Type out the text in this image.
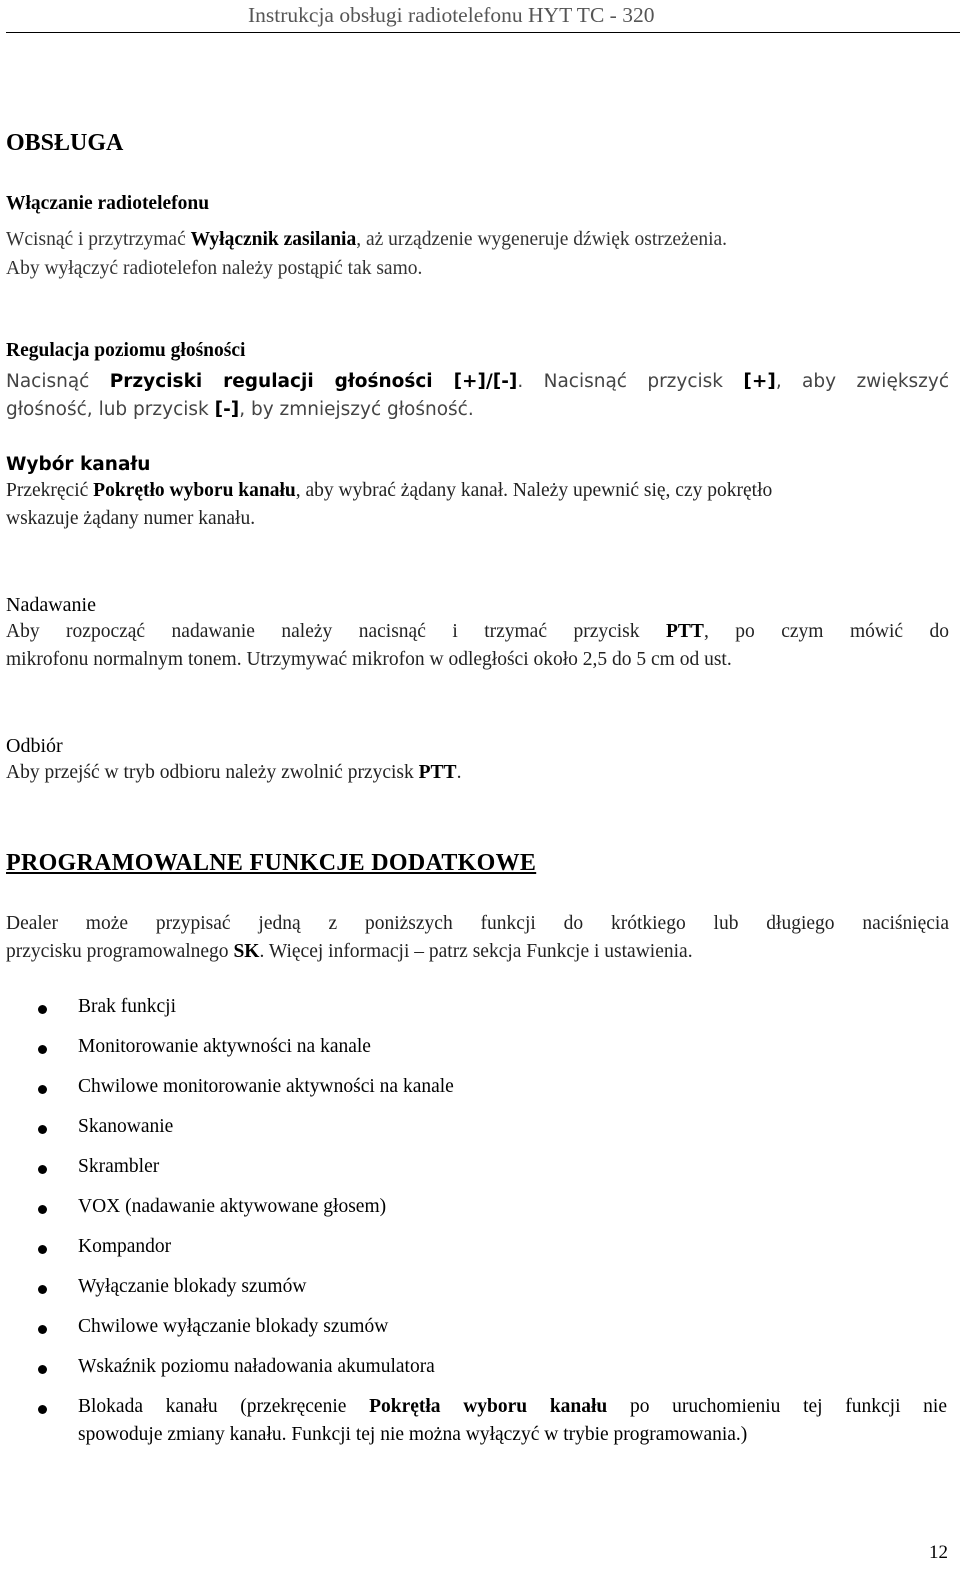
Instrukcja obsługi radiotelefonu HYT TC - 320
OBSŁUGA
Włączanie radiotelefonu
Wcisnąć i przytrzymać Wyłącznik zasilania, aż urządzenie wygeneruje dźwięk ostrzeżenia.
Aby wyłączyć radiotelefon należy postąpić tak samo.
Regulacja poziomu głośności
Nacisnąć Przyciski regulacji głośności [+]/[-]. Nacisnąć przycisk [+], aby zwiększyć
głośność, lub przycisk [-], by zmniejszyć głośność.
Wybór kanału
Przekręcić Pokrętło wyboru kanału, aby wybrać żądany kanał. Należy upewnić się, czy pokrętło
wskazuje żądany numer kanału.
Nadawanie
Aby rozpocząć nadawanie należy nacisnąć i trzymać przycisk PTT, po czym mówić do
mikrofonu normalnym tonem. Utrzymywać mikrofon w odległości około 2,5 do 5 cm od ust.
Odbiór
Aby przejść w tryb odbioru należy zwolnić przycisk PTT.
PROGRAMOWALNE FUNKCJE DODATKOWE
Dealer może przypisać jedną z poniższych funkcji do krótkiego lub długiego naciśnięcia
przycisku programowalnego SK. Więcej informacji – patrz sekcja Funkcje i ustawienia.
Brak funkcji
Monitorowanie aktywności na kanale
Chwilowe monitorowanie aktywności na kanale
Skanowanie
Skrambler
VOX (nadawanie aktywowane głosem)
Kompandor
Wyłączanie blokady szumów
Chwilowe wyłączanie blokady szumów
Wskaźnik poziomu naładowania akumulatora
Blokada kanału (przekręcenie Pokrętła wyboru kanału po uruchomieniu tej funkcji nie
spowoduje zmiany kanału. Funkcji tej nie można wyłączyć w trybie programowania.)
12
